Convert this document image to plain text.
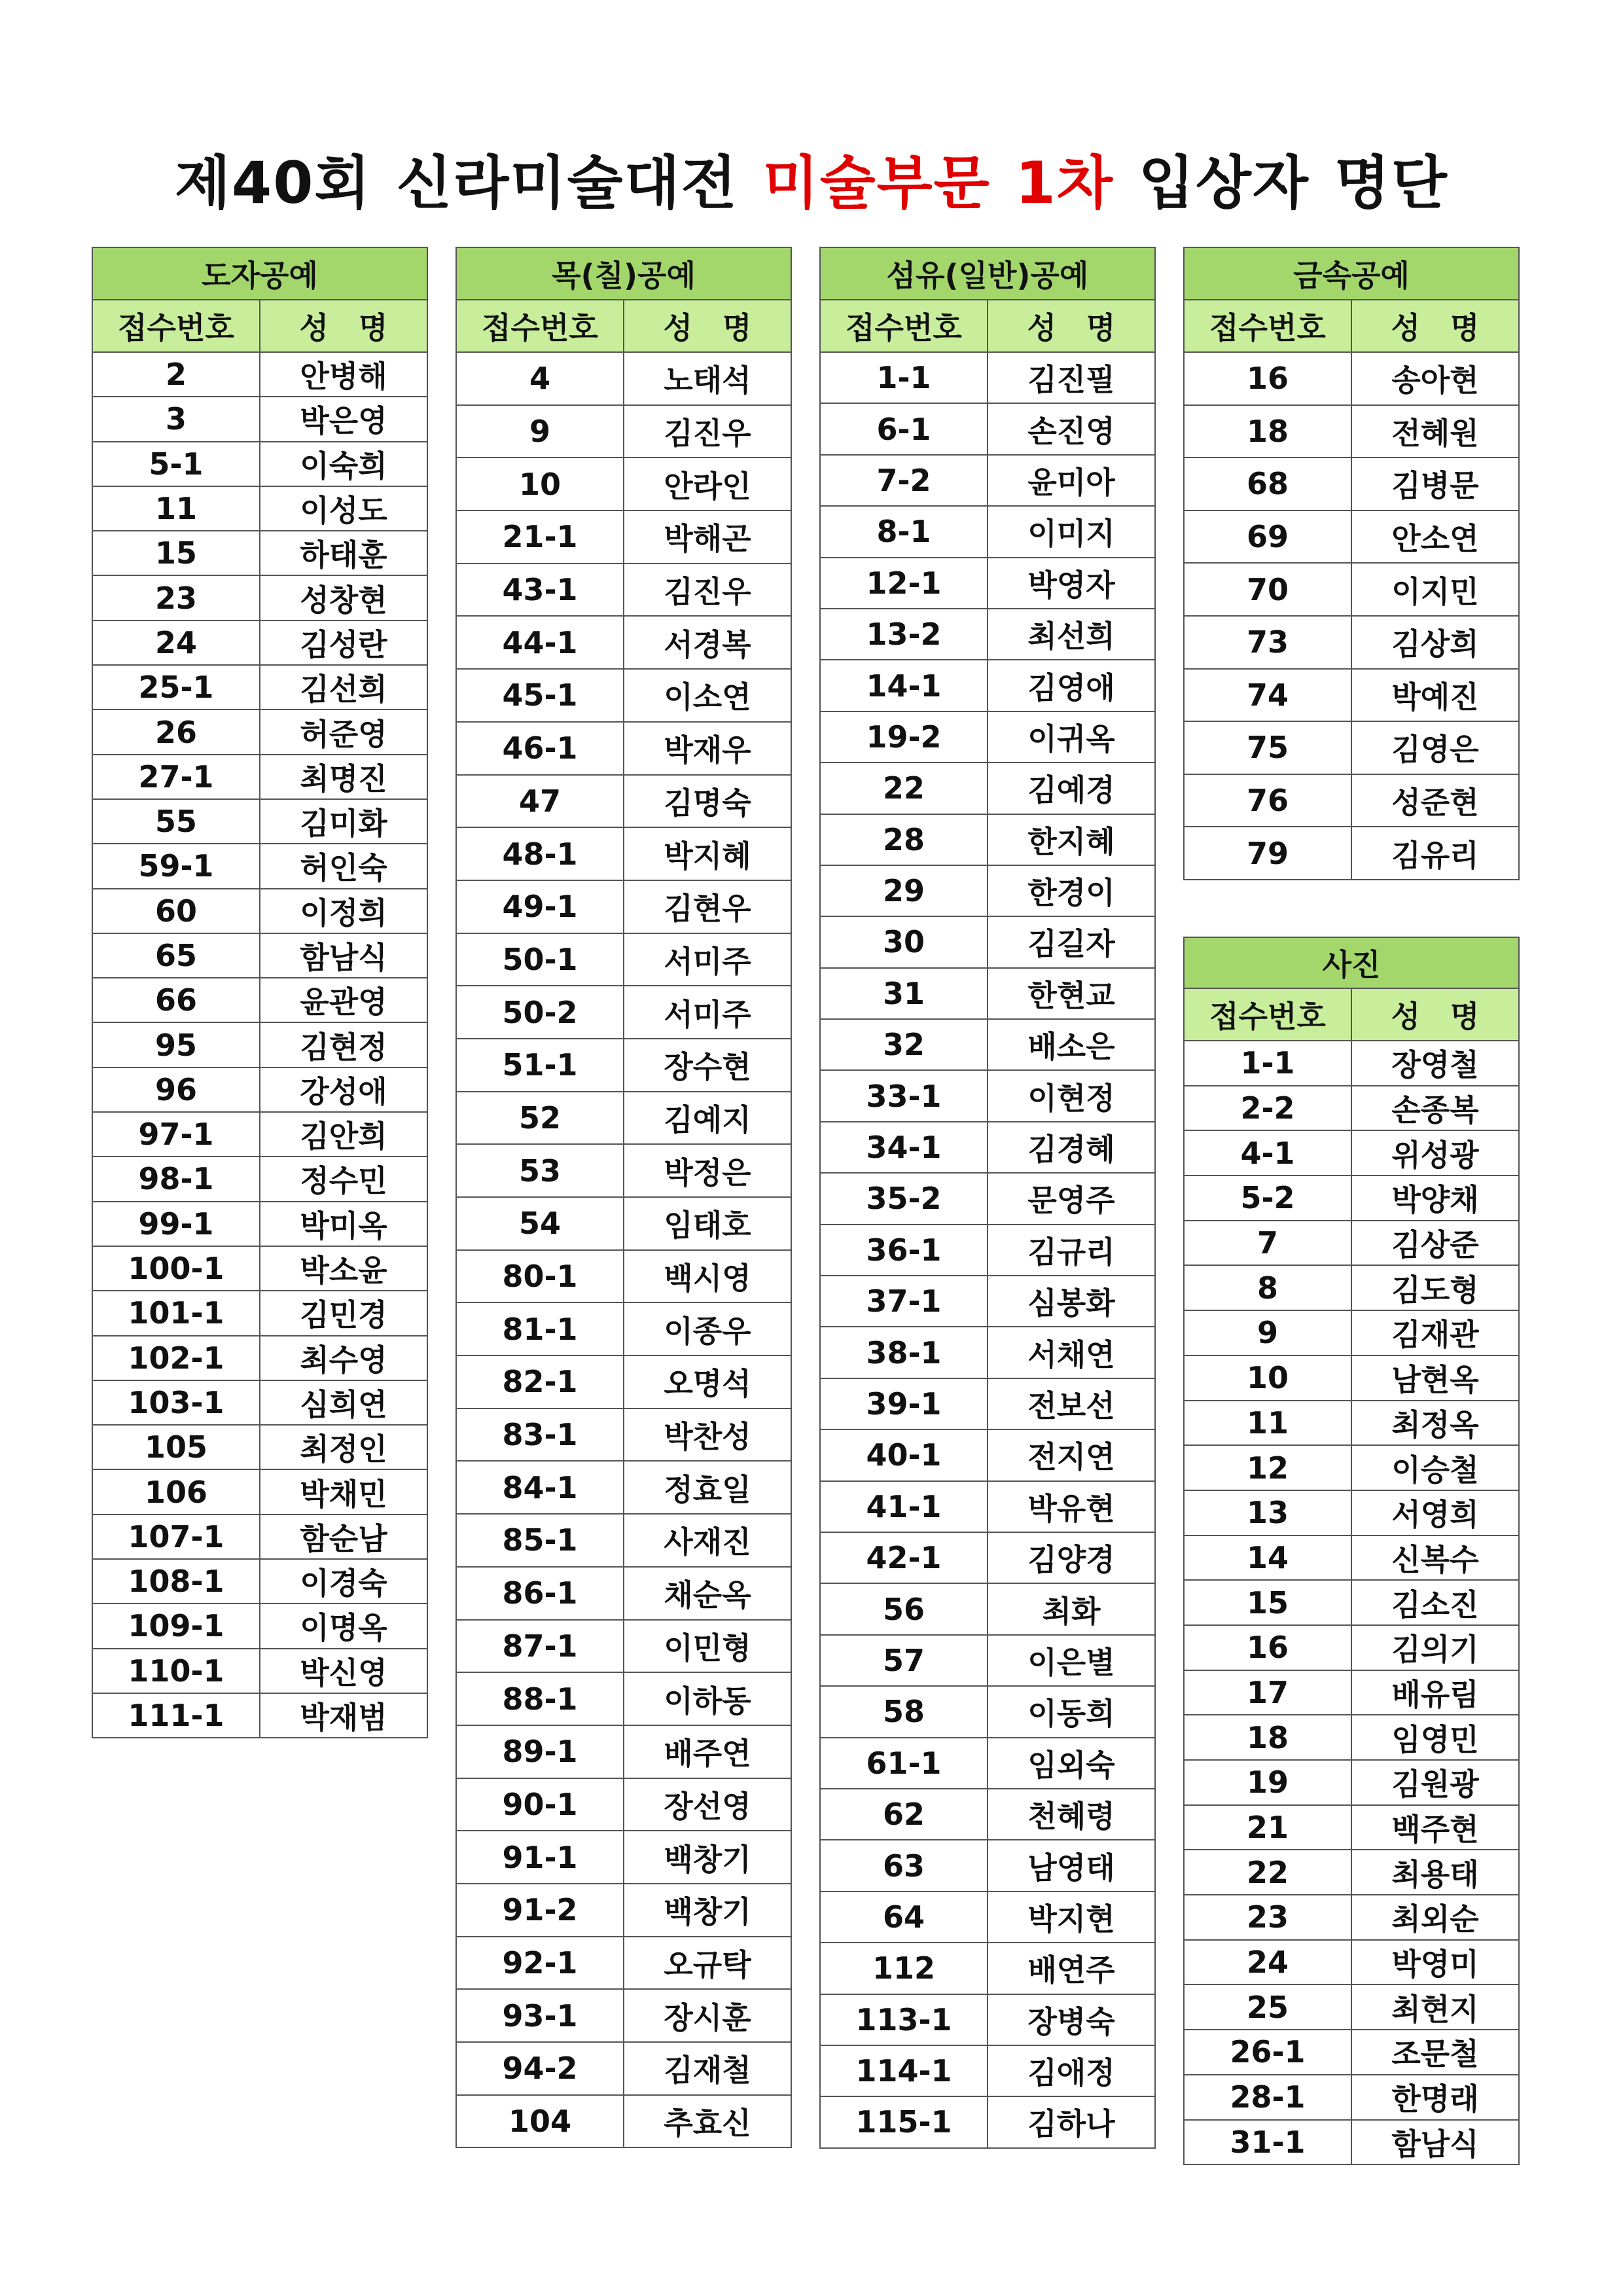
제40회 신라미술대전 미술부문 1차 입상자 명단
도자공예	
접수번호	성　명
2	안병해
3	박은영
5-1	이숙희
11	이성도
15	하태훈
23	성창현
24	김성란
25-1	김선희
26	허준영
27-1	최명진
55	김미화
59-1	허인숙
60	이정희
65	함남식
66	윤관영
95	김현정
96	강성애
97-1	김안희
98-1	정수민
99-1	박미옥
100-1	박소윤
101-1	김민경
102-1	최수영
103-1	심희연
105	최정인
106	박채민
107-1	함순남
108-1	이경숙
109-1	이명옥
110-1	박신영
111-1	박재범
목(칠)공예	
접수번호	성　명
4	노태석
9	김진우
10	안라인
21-1	박해곤
43-1	김진우
44-1	서경복
45-1	이소연
46-1	박재우
47	김명숙
48-1	박지혜
49-1	김현우
50-1	서미주
50-2	서미주
51-1	장수현
52	김예지
53	박정은
54	임태호
80-1	백시영
81-1	이종우
82-1	오명석
83-1	박찬성
84-1	정효일
85-1	사재진
86-1	채순옥
87-1	이민형
88-1	이하동
89-1	배주연
90-1	장선영
91-1	백창기
91-2	백창기
92-1	오규탁
93-1	장시훈
94-2	김재철
104	추효신
섬유(일반)공예	
접수번호	성　명
1-1	김진필
6-1	손진영
7-2	윤미아
8-1	이미지
12-1	박영자
13-2	최선희
14-1	김영애
19-2	이귀옥
22	김예경
28	한지혜
29	한경이
30	김길자
31	한현교
32	배소은
33-1	이현정
34-1	김경혜
35-2	문영주
36-1	김규리
37-1	심봉화
38-1	서채연
39-1	전보선
40-1	전지연
41-1	박유현
42-1	김양경
56	최화
57	이은별
58	이동희
61-1	임외숙
62	천혜령
63	남영태
64	박지현
112	배연주
113-1	장병숙
114-1	김애정
115-1	김하나
금속공예	
접수번호	성　명
16	송아현
18	전혜원
68	김병문
69	안소연
70	이지민
73	김상희
74	박예진
75	김영은
76	성준현
79	김유리
사진	
접수번호	성　명
1-1	장영철
2-2	손종복
4-1	위성광
5-2	박양채
7	김상준
8	김도형
9	김재관
10	남현옥
11	최정옥
12	이승철
13	서영희
14	신복수
15	김소진
16	김의기
17	배유림
18	임영민
19	김원광
21	백주현
22	최용태
23	최외순
24	박영미
25	최현지
26-1	조문철
28-1	한명래
31-1	함남식
